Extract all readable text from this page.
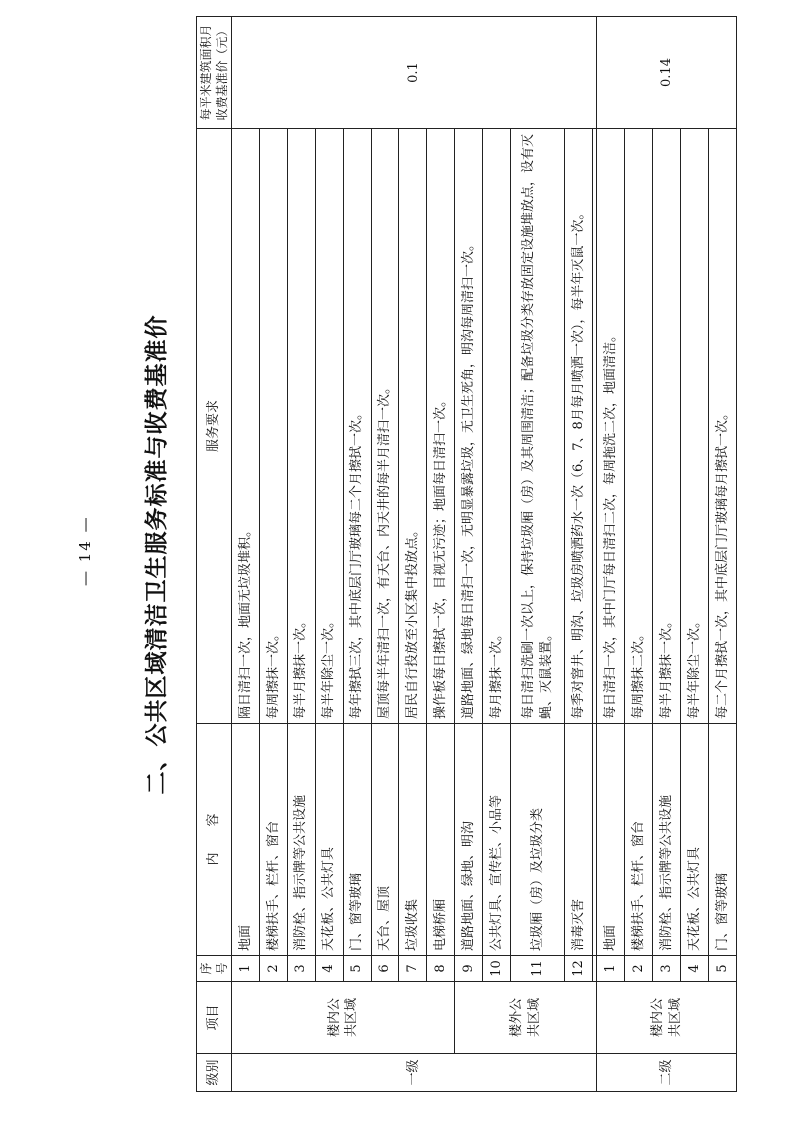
— 14 —	二、公共区域清洁卫生服务标准与收费基准价
级别	项目	序 号	内　　容	服务要求	每平米建筑面积月 收费基准价（元）
一级	楼内公 共区域	1	地面	隔日清扫一次，地面无垃圾堆积。	0.1
		2	楼梯扶手、栏杆、窗台	每周擦抹一次。	
		3	消防栓、指示牌等公共设施	每半月擦抹一次。	
		4	天花板、公共灯具	每半年除尘一次。	
		5	门、窗等玻璃	每年擦拭三次，其中底层门厅玻璃每二个月擦拭一次。	
		6	天台、屋顶	屋顶每半年清扫一次，有天台、内天井的每半月清扫一次。	
		7	垃圾收集	居民自行投放至小区集中投放点。	
		8	电梯桥厢	操作板每日擦拭一次，目视无污迹；地面每日清扫一次。	
	楼外公 共区域	9	道路地面、绿地、明沟	道路地面、绿地每日清扫一次，无明显暴露垃圾，无卫生死角，明沟每周清扫一次。	
		10	公共灯具、宣传栏、小品等	每月擦抹一次。	
		11	垃圾厢（房）及垃圾分类	每日清扫洗刷一次以上，保持垃圾厢（房）及其周围清洁；配备垃圾分类存放固定设施堆放点，设有灭蝇、灭鼠装置。	
		12	消毒灭害	每季对窨井、明沟、垃圾房喷洒药水一次（6、7、8月每月喷洒一次），每半年灭鼠一次。	

二级	楼内公 共区域	1	地面	每日清扫一次，其中门厅每日清扫二次，每周拖洗二次，地面清洁。	0.14
		2	楼梯扶手、栏杆、窗台	每周擦抹二次。	
		3	消防栓、指示牌等公共设施	每半月擦抹一次。	
		4	天花板、公共灯具	每半年除尘一次。	
		5	门、窗等玻璃	每二个月擦拭一次，其中底层门厅玻璃每月擦拭一次。	
